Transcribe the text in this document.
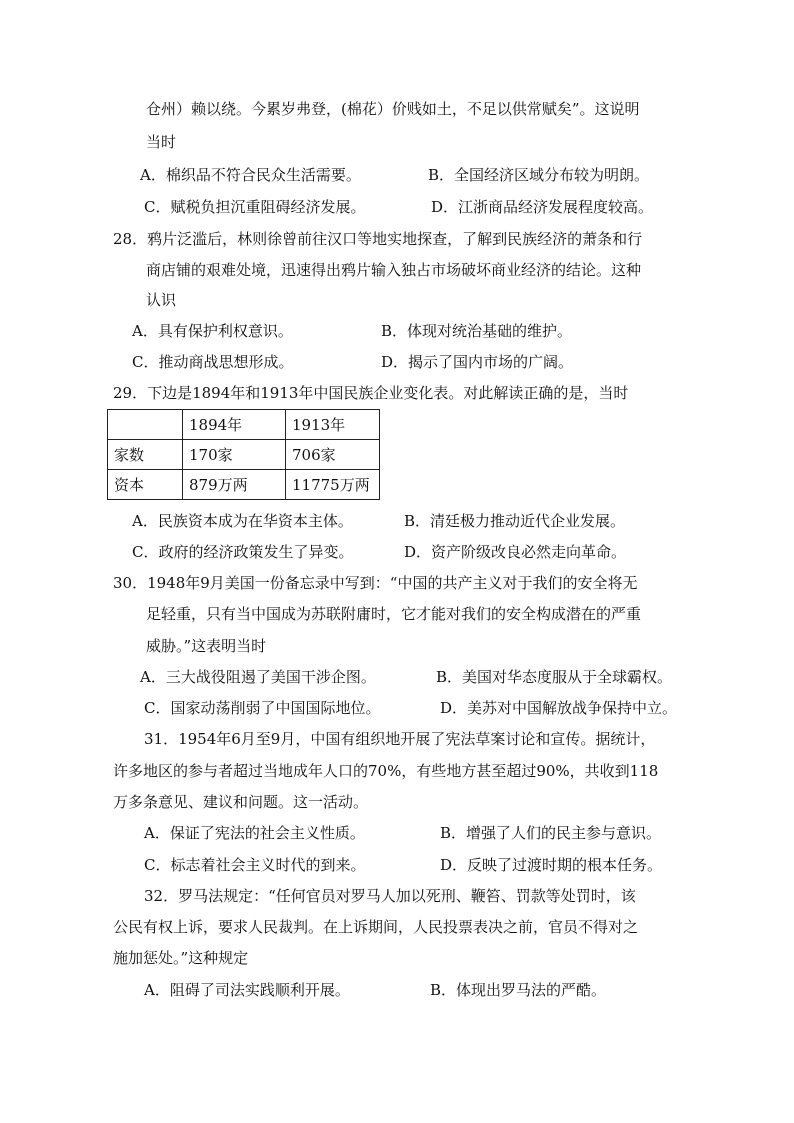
仓州）赖以绕。今累岁弗登，(棉花）价贱如土，不足以供常赋矣”。这说明
当时
A．棉织品不符合民众生活需要。	B．全国经济区域分布较为明朗。
C．赋税负担沉重阻碍经济发展。	D．江浙商品经济发展程度较高。
28．鸦片泛滥后，林则徐曾前往汉口等地实地探查，了解到民族经济的萧条和行
商店铺的艰难处境，迅速得出鸦片输入独占市场破坏商业经济的结论。这种
认识
A．具有保护利权意识。	B．体现对统治基础的维护。
C．推动商战思想形成。	D．揭示了国内市场的广阔。
29．下边是1894年和1913年中国民族企业变化表。对此解读正确的是，当时
	1894年	1913年
家数	170家	706家
资本	879万两	11775万两
A．民族资本成为在华资本主体。	B．清廷极力推动近代企业发展。
C．政府的经济政策发生了异变。	D．资产阶级改良必然走向革命。
30．1948年9月美国一份备忘录中写到：“中国的共产主义对于我们的安全将无
足轻重，只有当中国成为苏联附庸时，它才能对我们的安全构成潜在的严重
威胁。”这表明当时
A．三大战役阻遏了美国干涉企图。	B．美国对华态度服从于全球霸权。
C．国家动荡削弱了中国国际地位。	D．美苏对中国解放战争保持中立。
31．1954年6月至9月，中国有组织地开展了宪法草案讨论和宣传。据统计，
许多地区的参与者超过当地成年人口的70%，有些地方甚至超过90%，共收到118
万多条意见、建议和问题。这一活动。
A．保证了宪法的社会主义性质。	B．增强了人们的民主参与意识。
C．标志着社会主义时代的到来。	D．反映了过渡时期的根本任务。
32．罗马法规定：“任何官员对罗马人加以死刑、鞭笞、罚款等处罚时，该
公民有权上诉，要求人民裁判。在上诉期间，人民投票表决之前，官员不得对之
施加惩处。”这种规定
A．阻碍了司法实践顺利开展。	B．体现出罗马法的严酷。
